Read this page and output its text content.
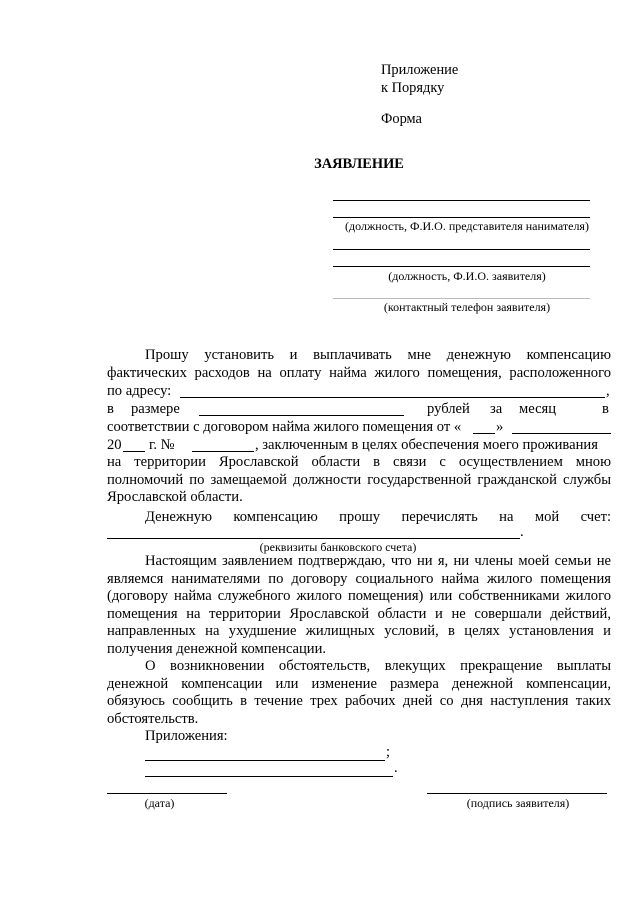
Приложение
к Порядку
Форма
ЗАЯВЛЕНИЕ
(должность, Ф.И.О. представителя нанимателя)
(должность, Ф.И.О. заявителя)
(контактный телефон заявителя)
Прошу установить и выплачивать мне денежную компенсацию
фактических расходов на оплату найма жилого помещения, расположенного
по адресу:	,
в размере	рублей за месяц	в
соответствии с договором найма жилого помещения от « »
20 г. №	, заключенным в целях обеспечения моего проживания
на территории Ярославской области в связи с осуществлением мною полномочий по замещаемой должности государственной гражданской службы Ярославской области.
Денежную компенсацию прошу перечислять на мой счет:
.
(реквизиты банковского счета)
Настоящим заявлением подтверждаю, что ни я, ни члены моей семьи не являемся нанимателями по договору социального найма жилого помещения (договору найма служебного жилого помещения) или собственниками жилого помещения на территории Ярославской области и не совершали действий, направленных на ухудшение жилищных условий, в целях установления и получения денежной компенсации.
О возникновении обстоятельств, влекущих прекращение выплаты денежной компенсации или изменение размера денежной компенсации, обязуюсь сообщить в течение трех рабочих дней со дня наступления таких обстоятельств.
Приложения:
;
.
(дата)	(подпись заявителя)
